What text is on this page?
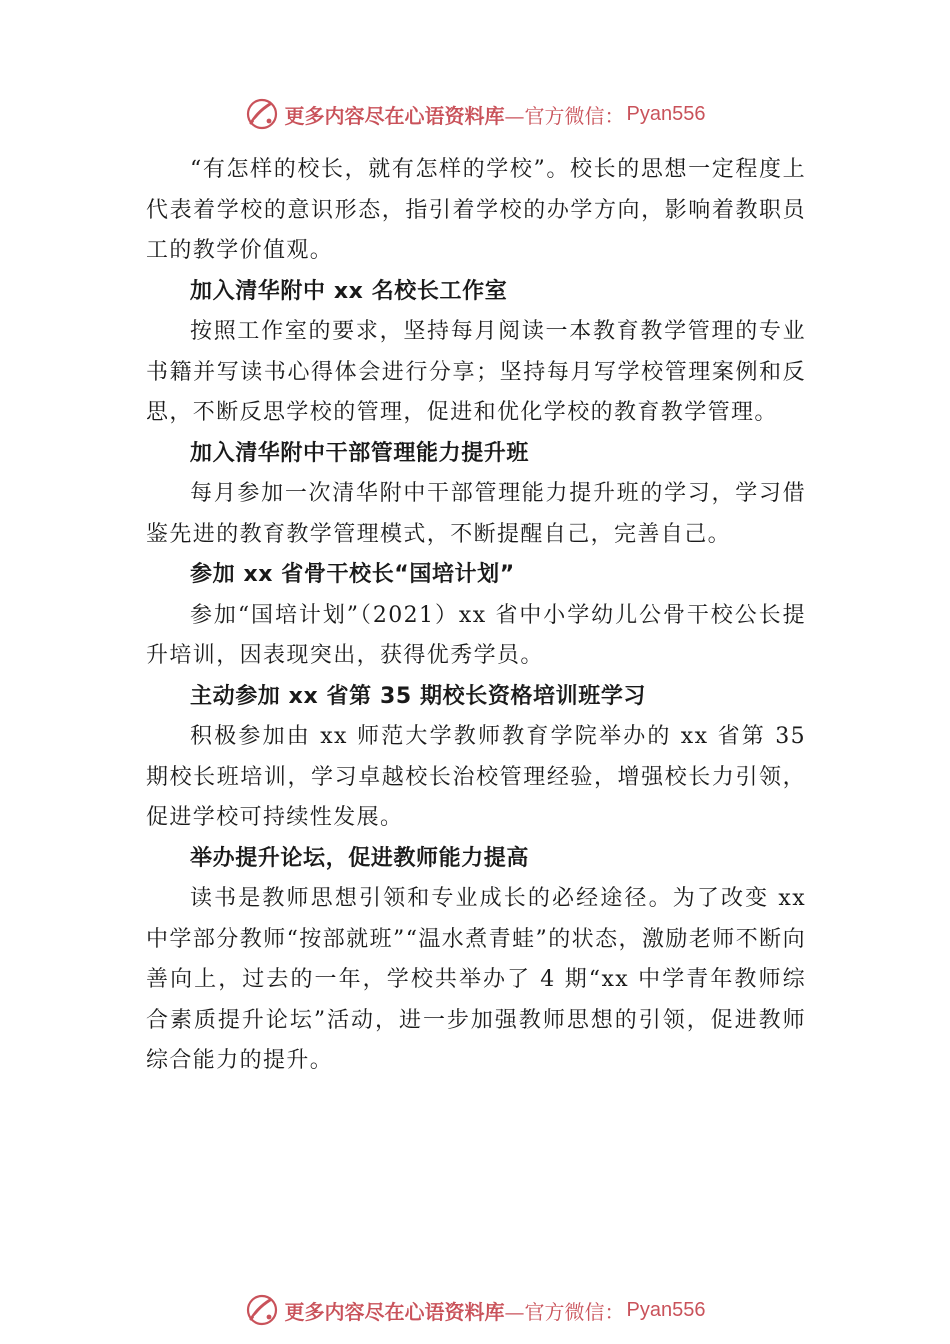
更多内容尽在心语资料库 —官方微信： Pyan556

“有怎样的校长，就有怎样的学校”。校长的思想一定程度上代表着学校的意识形态，指引着学校的办学方向，影响着教职员工的教学价值观。

加入清华附中 xx 名校长工作室

按照工作室的要求，坚持每月阅读一本教育教学管理的专业书籍并写读书心得体会进行分享；坚持每月写学校管理案例和反思，不断反思学校的管理，促进和优化学校的教育教学管理。

加入清华附中干部管理能力提升班

每月参加一次清华附中干部管理能力提升班的学习，学习借鉴先进的教育教学管理模式，不断提醒自己，完善自己。

参加 xx 省骨干校长“国培计划”

参加“国培计划”（2021）xx 省中小学幼儿公骨干校公长提升培训，因表现突出，获得优秀学员。

主动参加 xx 省第 35 期校长资格培训班学习

积极参加由 xx 师范大学教师教育学院举办的 xx 省第 35 期校长班培训，学习卓越校长治校管理经验，增强校长力引领，促进学校可持续性发展。

举办提升论坛，促进教师能力提高

读书是教师思想引领和专业成长的必经途径。为了改变 xx 中学部分教师“按部就班”“温水煮青蛙”的状态，激励老师不断向善向上，过去的一年，学校共举办了 4 期“xx 中学青年教师综合素质提升论坛”活动，进一步加强教师思想的引领，促进教师综合能力的提升。

更多内容尽在心语资料库 —官方微信： Pyan556
